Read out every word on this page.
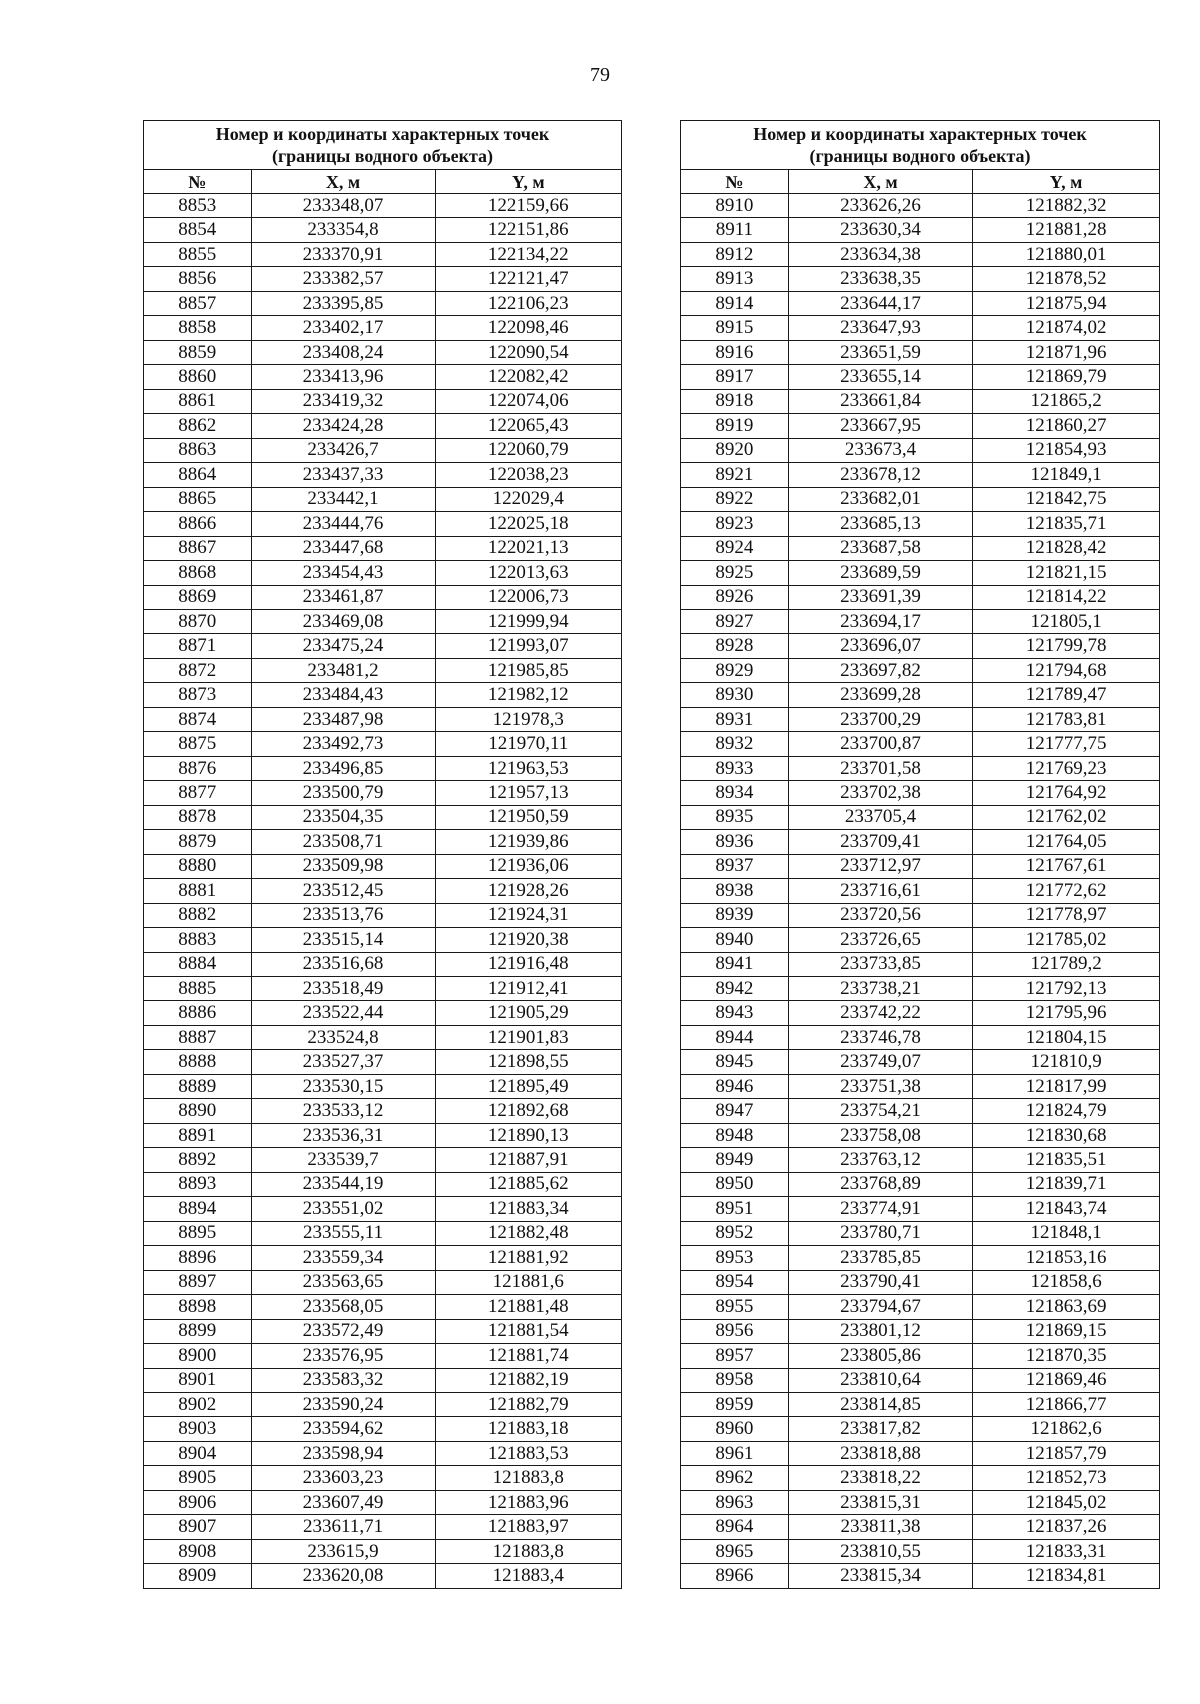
79
Номер и координаты характерных точек
(границы водного объекта)		

№	X, м	Y, м
8853	233348,07	122159,66
8854	233354,8	122151,86
8855	233370,91	122134,22
8856	233382,57	122121,47
8857	233395,85	122106,23
8858	233402,17	122098,46
8859	233408,24	122090,54
8860	233413,96	122082,42
8861	233419,32	122074,06
8862	233424,28	122065,43
8863	233426,7	122060,79
8864	233437,33	122038,23
8865	233442,1	122029,4
8866	233444,76	122025,18
8867	233447,68	122021,13
8868	233454,43	122013,63
8869	233461,87	122006,73
8870	233469,08	121999,94
8871	233475,24	121993,07
8872	233481,2	121985,85
8873	233484,43	121982,12
8874	233487,98	121978,3
8875	233492,73	121970,11
8876	233496,85	121963,53
8877	233500,79	121957,13
8878	233504,35	121950,59
8879	233508,71	121939,86
8880	233509,98	121936,06
8881	233512,45	121928,26
8882	233513,76	121924,31
8883	233515,14	121920,38
8884	233516,68	121916,48
8885	233518,49	121912,41
8886	233522,44	121905,29
8887	233524,8	121901,83
8888	233527,37	121898,55
8889	233530,15	121895,49
8890	233533,12	121892,68
8891	233536,31	121890,13
8892	233539,7	121887,91
8893	233544,19	121885,62
8894	233551,02	121883,34
8895	233555,11	121882,48
8896	233559,34	121881,92
8897	233563,65	121881,6
8898	233568,05	121881,48
8899	233572,49	121881,54
8900	233576,95	121881,74
8901	233583,32	121882,19
8902	233590,24	121882,79
8903	233594,62	121883,18
8904	233598,94	121883,53
8905	233603,23	121883,8
8906	233607,49	121883,96
8907	233611,71	121883,97
8908	233615,9	121883,8
8909	233620,08	121883,4
Номер и координаты характерных точек
(границы водного объекта)		

№	X, м	Y, м
8910	233626,26	121882,32
8911	233630,34	121881,28
8912	233634,38	121880,01
8913	233638,35	121878,52
8914	233644,17	121875,94
8915	233647,93	121874,02
8916	233651,59	121871,96
8917	233655,14	121869,79
8918	233661,84	121865,2
8919	233667,95	121860,27
8920	233673,4	121854,93
8921	233678,12	121849,1
8922	233682,01	121842,75
8923	233685,13	121835,71
8924	233687,58	121828,42
8925	233689,59	121821,15
8926	233691,39	121814,22
8927	233694,17	121805,1
8928	233696,07	121799,78
8929	233697,82	121794,68
8930	233699,28	121789,47
8931	233700,29	121783,81
8932	233700,87	121777,75
8933	233701,58	121769,23
8934	233702,38	121764,92
8935	233705,4	121762,02
8936	233709,41	121764,05
8937	233712,97	121767,61
8938	233716,61	121772,62
8939	233720,56	121778,97
8940	233726,65	121785,02
8941	233733,85	121789,2
8942	233738,21	121792,13
8943	233742,22	121795,96
8944	233746,78	121804,15
8945	233749,07	121810,9
8946	233751,38	121817,99
8947	233754,21	121824,79
8948	233758,08	121830,68
8949	233763,12	121835,51
8950	233768,89	121839,71
8951	233774,91	121843,74
8952	233780,71	121848,1
8953	233785,85	121853,16
8954	233790,41	121858,6
8955	233794,67	121863,69
8956	233801,12	121869,15
8957	233805,86	121870,35
8958	233810,64	121869,46
8959	233814,85	121866,77
8960	233817,82	121862,6
8961	233818,88	121857,79
8962	233818,22	121852,73
8963	233815,31	121845,02
8964	233811,38	121837,26
8965	233810,55	121833,31
8966	233815,34	121834,81
